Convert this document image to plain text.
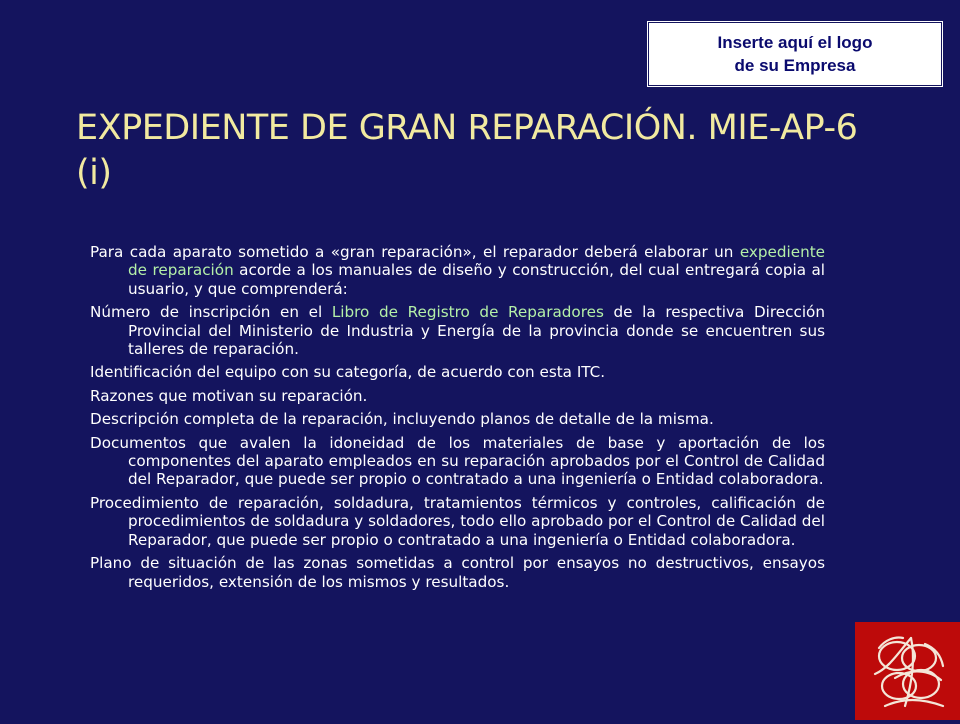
Inserte aquí el logo
de su Empresa
EXPEDIENTE DE GRAN REPARACIÓN. MIE-AP-6 (i)
Para cada aparato sometido a «gran reparación», el reparador deberá elaborar un expediente de reparación acorde a los manuales de diseño y construcción, del cual entregará copia al usuario, y que comprenderá:
Número de inscripción en el Libro de Registro de Reparadores de la respectiva Dirección Provincial del Ministerio de Industria y Energía de la provincia donde se encuentren sus talleres de reparación.
Identificación del equipo con su categoría, de acuerdo con esta ITC.
Razones que motivan su reparación.
Descripción completa de la reparación, incluyendo planos de detalle de la misma.
Documentos que avalen la idoneidad de los materiales de base y aportación de los componentes del aparato empleados en su reparación aprobados por el Control de Calidad del Reparador, que puede ser propio o contratado a una ingeniería o Entidad colaboradora.
Procedimiento de reparación, soldadura, tratamientos térmicos y controles, calificación de procedimientos de soldadura y soldadores, todo ello aprobado por el Control de Calidad del Reparador, que puede ser propio o contratado a una ingeniería o Entidad colaboradora.
Plano de situación de las zonas sometidas a control por ensayos no destructivos, ensayos requeridos, extensión de los mismos y resultados.
